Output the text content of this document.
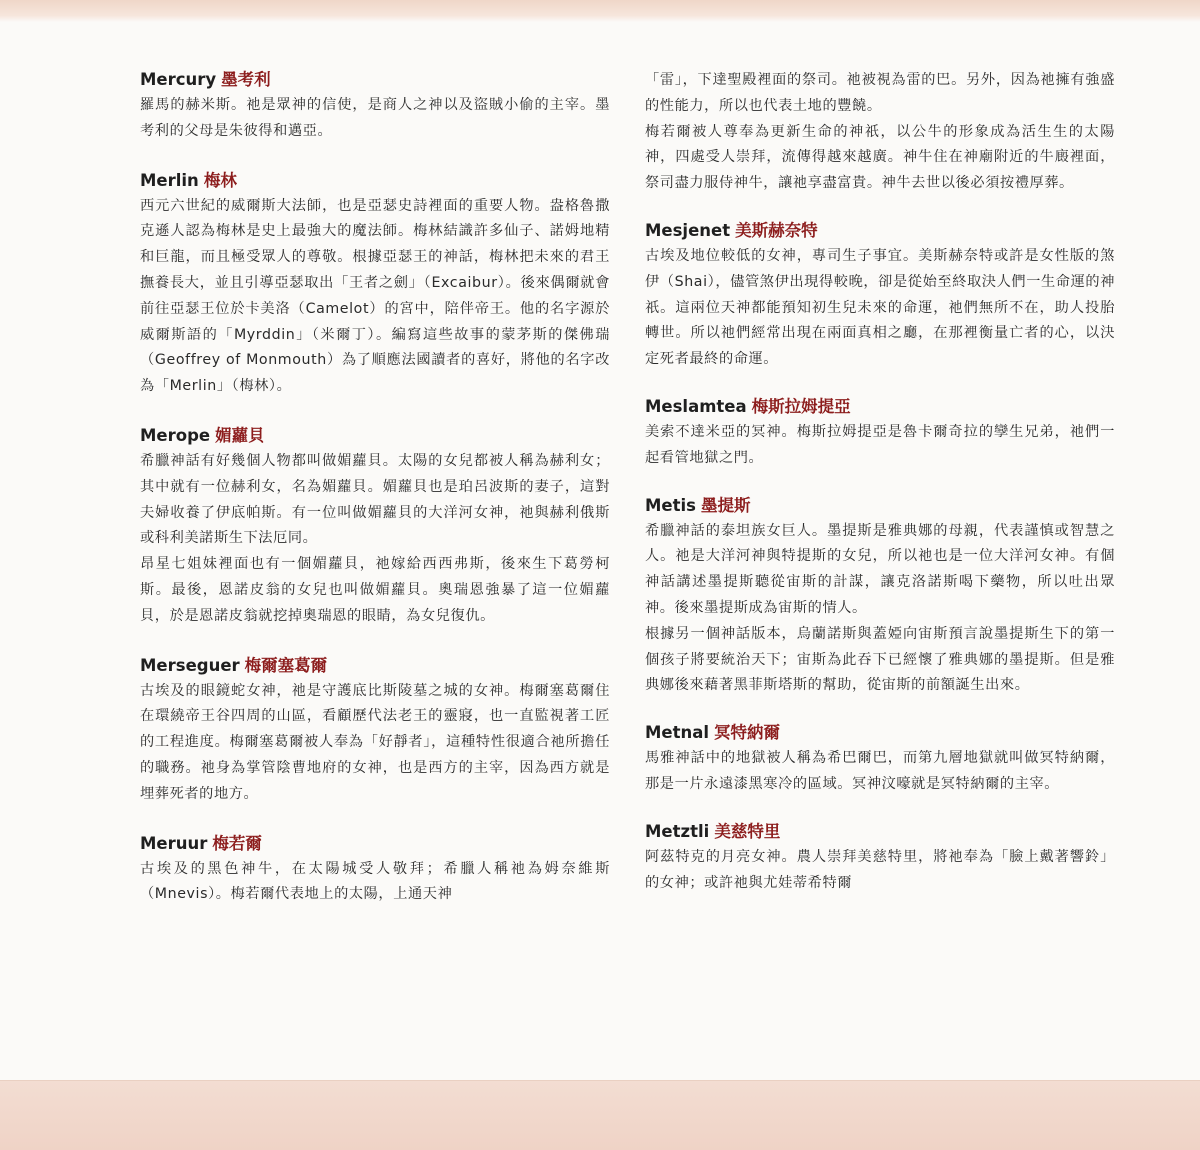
Mercury 墨考利

羅馬的赫米斯。祂是眾神的信使，是商人之神以及盜賊小偷的主宰。墨考利的父母是朱彼得和邁亞。

Merlin 梅林

西元六世紀的威爾斯大法師，也是亞瑟史詩裡面的重要人物。盎格魯撒克遜人認為梅林是史上最強大的魔法師。梅林結識許多仙子、諾姆地精和巨龍，而且極受眾人的尊敬。根據亞瑟王的神話，梅林把未來的君王撫養長大，並且引導亞瑟取出「王者之劍」（Excaibur）。後來偶爾就會前往亞瑟王位於卡美洛（Camelot）的宮中，陪伴帝王。他的名字源於威爾斯語的「Myrddin」（米爾丁）。編寫這些故事的蒙茅斯的傑佛瑞（Geoffrey of Monmouth）為了順應法國讀者的喜好，將他的名字改為「Merlin」（梅林）。

Merope 媚蘿貝

希臘神話有好幾個人物都叫做媚蘿貝。太陽的女兒都被人稱為赫利女；其中就有一位赫利女，名為媚蘿貝。媚蘿貝也是珀呂波斯的妻子，這對夫婦收養了伊底帕斯。有一位叫做媚蘿貝的大洋河女神，祂與赫利俄斯或科利美諾斯生下法厄同。

昂星七姐妹裡面也有一個媚蘿貝，祂嫁給西西弗斯，後來生下葛勞柯斯。最後，恩諾皮翁的女兒也叫做媚蘿貝。奧瑞恩強暴了這一位媚蘿貝，於是恩諾皮翁就挖掉奧瑞恩的眼睛，為女兒復仇。

Merseguer 梅爾塞葛爾

古埃及的眼鏡蛇女神，祂是守護底比斯陵墓之城的女神。梅爾塞葛爾住在環繞帝王谷四周的山區，看顧歷代法老王的靈寢，也一直監視著工匠的工程進度。梅爾塞葛爾被人奉為「好靜者」，這種特性很適合祂所擔任的職務。祂身為掌管陰曹地府的女神，也是西方的主宰，因為西方就是埋葬死者的地方。

Meruur 梅若爾

古埃及的黑色神牛，在太陽城受人敬拜；希臘人稱祂為姆奈維斯（Mnevis）。梅若爾代表地上的太陽，上通天神

「雷」，下達聖殿裡面的祭司。祂被視為雷的巴。另外，因為祂擁有強盛的性能力，所以也代表土地的豐饒。

梅若爾被人尊奉為更新生命的神祇，以公牛的形象成為活生生的太陽神，四處受人崇拜，流傳得越來越廣。神牛住在神廟附近的牛廄裡面，祭司盡力服侍神牛，讓祂享盡富貴。神牛去世以後必須按禮厚葬。

Mesjenet 美斯赫奈特

古埃及地位較低的女神，專司生子事宜。美斯赫奈特或許是女性版的煞伊（Shai），儘管煞伊出現得較晚，卻是從始至終取決人們一生命運的神祇。這兩位天神都能預知初生兒未來的命運，祂們無所不在，助人投胎轉世。所以祂們經常出現在兩面真相之廳，在那裡衡量亡者的心，以決定死者最終的命運。

Meslamtea 梅斯拉姆提亞

美索不達米亞的冥神。梅斯拉姆提亞是魯卡爾奇拉的孿生兄弟，祂們一起看管地獄之門。

Metis 墨提斯

希臘神話的泰坦族女巨人。墨提斯是雅典娜的母親，代表謹慎或智慧之人。祂是大洋河神與特提斯的女兒，所以祂也是一位大洋河女神。有個神話講述墨提斯聽從宙斯的計謀，讓克洛諾斯喝下藥物，所以吐出眾神。後來墨提斯成為宙斯的情人。

根據另一個神話版本，烏蘭諾斯與蓋婭向宙斯預言說墨提斯生下的第一個孩子將要統治天下；宙斯為此吞下已經懷了雅典娜的墨提斯。但是雅典娜後來藉著黑菲斯塔斯的幫助，從宙斯的前額誕生出來。

Metnal 冥特納爾

馬雅神話中的地獄被人稱為希巴爾巴，而第九層地獄就叫做冥特納爾，那是一片永遠漆黑寒冷的區域。冥神汶嚎就是冥特納爾的主宰。

Metztli 美慈特里

阿茲特克的月亮女神。農人崇拜美慈特里，將祂奉為「臉上戴著響鈴」的女神；或許祂與尤娃蒂希特爾
